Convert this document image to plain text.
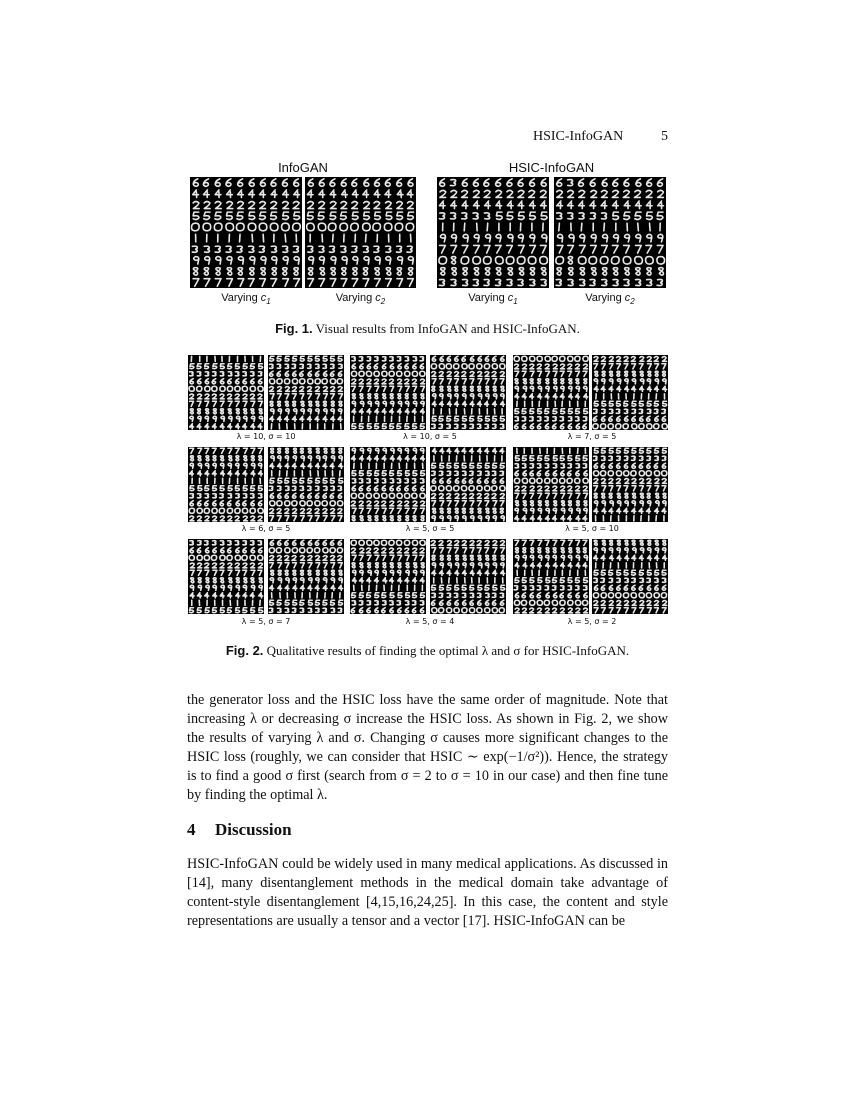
HSIC-InfoGAN	5
InfoGAN	HSIC-InfoGAN
Varying $c_1$	Varying $c_2$	Varying $c_1$	Varying $c_2$
Fig. 1. Visual results from InfoGAN and HSIC-InfoGAN.
λ = 10, σ = 10	λ = 10, σ = 5	λ = 7, σ = 5
λ = 6, σ = 5	λ = 5, σ = 5	λ = 5, σ = 10
λ = 5, σ = 7	λ = 5, σ = 4	λ = 5, σ = 2
Fig. 2. Qualitative results of finding the optimal λ and σ for HSIC-InfoGAN.
the generator loss and the HSIC loss have the same order of magnitude. Note that increasing λ or decreasing σ increase the HSIC loss. As shown in Fig. 2, we show the results of varying λ and σ. Changing σ causes more significant changes to the HSIC loss (roughly, we can consider that HSIC ∼ exp(−1/σ²)). Hence, the strategy is to find a good σ first (search from σ = 2 to σ = 10 in our case) and then fine tune by finding the optimal λ.
4 Discussion
HSIC-InfoGAN could be widely used in many medical applications. As discussed in [14], many disentanglement methods in the medical domain take advantage of content-style disentanglement [4,15,16,24,25]. In this case, the content and style representations are usually a tensor and a vector [17]. HSIC-InfoGAN can be
